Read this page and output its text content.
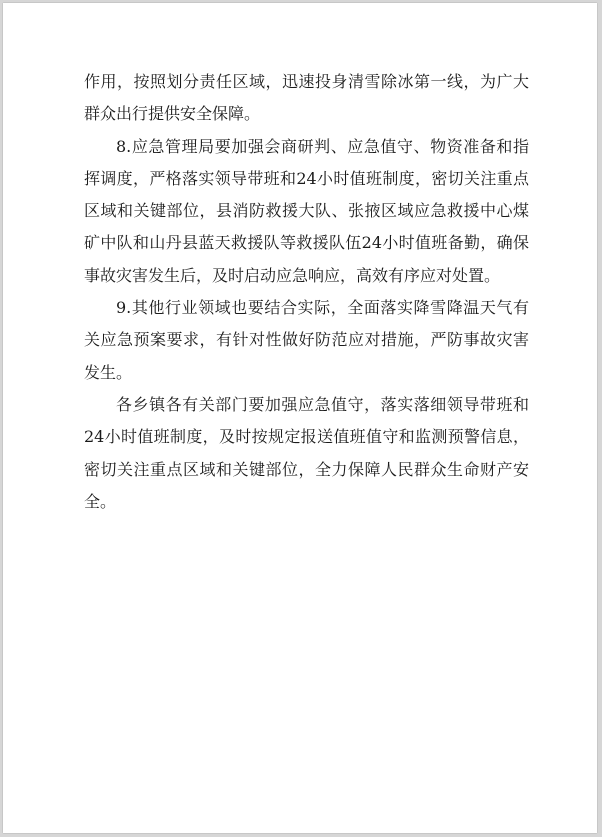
作用，按照划分责任区域，迅速投身清雪除冰第一线，为广大群众出行提供安全保障。

8.应急管理局要加强会商研判、应急值守、物资准备和指挥调度，严格落实领导带班和24小时值班制度，密切关注重点区域和关键部位，县消防救援大队、张掖区域应急救援中心煤矿中队和山丹县蓝天救援队等救援队伍24小时值班备勤，确保事故灾害发生后，及时启动应急响应，高效有序应对处置。

9.其他行业领域也要结合实际，全面落实降雪降温天气有关应急预案要求，有针对性做好防范应对措施，严防事故灾害发生。

各乡镇各有关部门要加强应急值守，落实落细领导带班和24小时值班制度，及时按规定报送值班值守和监测预警信息，密切关注重点区域和关键部位，全力保障人民群众生命财产安全。
